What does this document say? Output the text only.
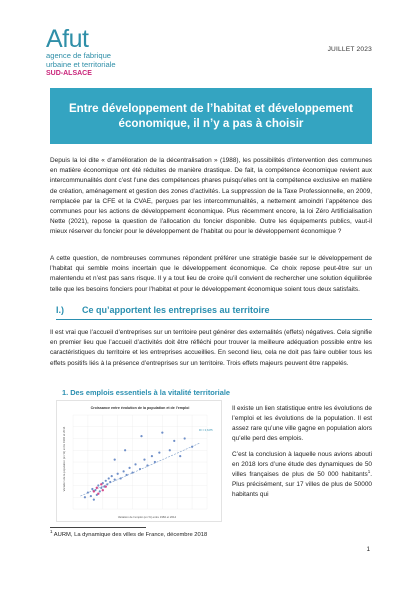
Afut
agence de fabrique
urbaine et territoriale
SUD-ALSACE
JUILLET 2023
Entre développement de l’habitat et développement économique, il n’y a pas à choisir

Depuis la loi dite « d’amélioration de la décentralisation » (1988), les possibilités d’intervention des communes en matière économique ont été réduites de manière drastique. De fait, la compétence économique revient aux intercommunalités dont c’est l’une des compétences phares puisqu’elles ont la compétence exclusive en matière de création, aménagement et gestion des zones d’activités. La suppression de la Taxe Professionnelle, en 2009, remplacée par la CFE et la CVAE, perçues par les intercommunalités, a nettement amoindri l’appétence des communes pour les actions de développement économique. Plus récemment encore, la loi Zéro Artificialisation Nette (2021), repose la question de l’allocation du foncier disponible. Outre les équipements publics, vaut-il mieux réserver du foncier pour le développement de l’habitat ou pour le développement économique ?

A cette question, de nombreuses communes répondent préférer une stratégie basée sur le développement de l’habitat qui semble moins incertain que le développement économique. Ce choix repose peut-être sur un malentendu et n’est pas sans risque. Il y a tout lieu de croire qu’il convient de rechercher une solution équilibrée telle que les besoins fonciers pour l’habitat et pour le développement économique soient tous deux satisfaits.

I.) Ce qu’apportent les entreprises au territoire

Il est vrai que l’accueil d’entreprises sur un territoire peut générer des externalités (effets) négatives. Cela signifie en premier lieu que l’accueil d’activités doit être réfléchi pour trouver la meilleure adéquation possible entre les caractéristiques du territoire et les entreprises accueillies. En second lieu, cela ne doit pas faire oublier tous les effets positifs liés à la présence d’entreprises sur un territoire. Trois effets majeurs peuvent être rappelés.

1. Des emplois essentiels à la vitalité territoriale
Croissance entre évolution de la population et de l’emploi
Variation de la population (en %) entre 1982 et 2014
Variation de l’emploi (en %) entre 1982 et 2014
R² = 0,6475

Il existe un lien statistique entre les évolutions de l’emploi et les évolutions de la population. Il est assez rare qu’une ville gagne en population alors qu’elle perd des emplois.

C’est la conclusion à laquelle nous avions abouti en 2018 lors d’une étude des dynamiques de 50 villes françaises de plus de 50 000 habitants$^1$. Plus précisément, sur 17 villes de plus de 50000 habitants qui

$^1$ AURM, La dynamique des villes de France, décembre 2018
1
